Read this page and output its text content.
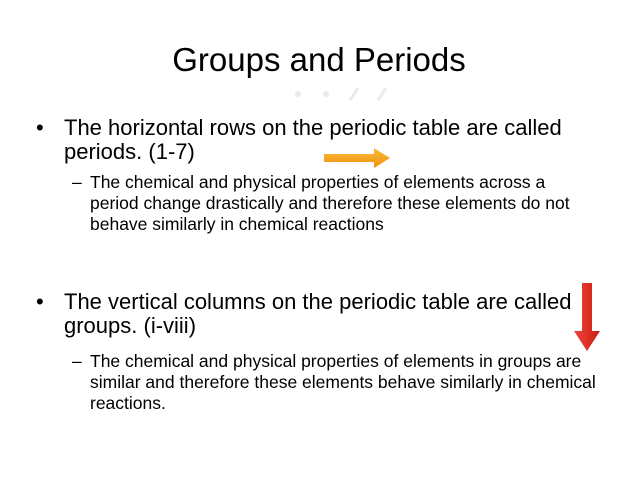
Groups and Periods
• The horizontal rows on the periodic table are called periods. (1-7)
– The chemical and physical properties of elements across a period change drastically and therefore these elements do not behave similarly in chemical reactions
• The vertical columns on the periodic table are called groups. (i-viii)
– The chemical and physical properties of elements in groups are similar and therefore these elements behave similarly in chemical reactions.
